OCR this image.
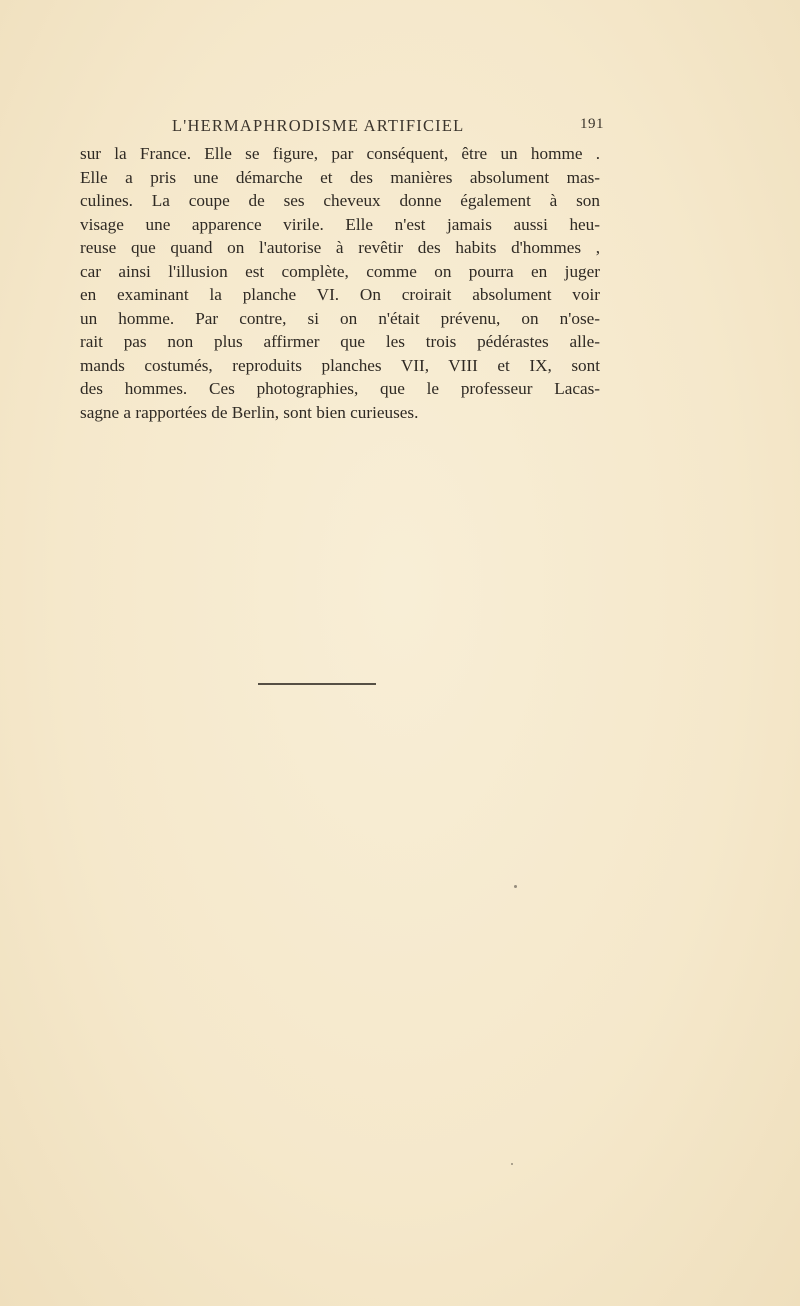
L'HERMAPHRODISME ARTIFICIEL	191
sur la France. Elle se figure, par conséquent, être un homme .
Elle a pris une démarche et des manières absolument mas-
culines. La coupe de ses cheveux donne également à son
visage une apparence virile. Elle n'est jamais aussi heu-
reuse que quand on l'autorise à revêtir des habits d'hommes ,
car ainsi l'illusion est complète, comme on pourra en juger
en examinant la planche VI. On croirait absolument voir
un homme. Par contre, si on n'était prévenu, on n'ose-
rait pas non plus affirmer que les trois pédérastes alle-
mands costumés, reproduits planches VII, VIII et IX, sont
des hommes. Ces photographies, que le professeur Lacas-
sagne a rapportées de Berlin, sont bien curieuses.
